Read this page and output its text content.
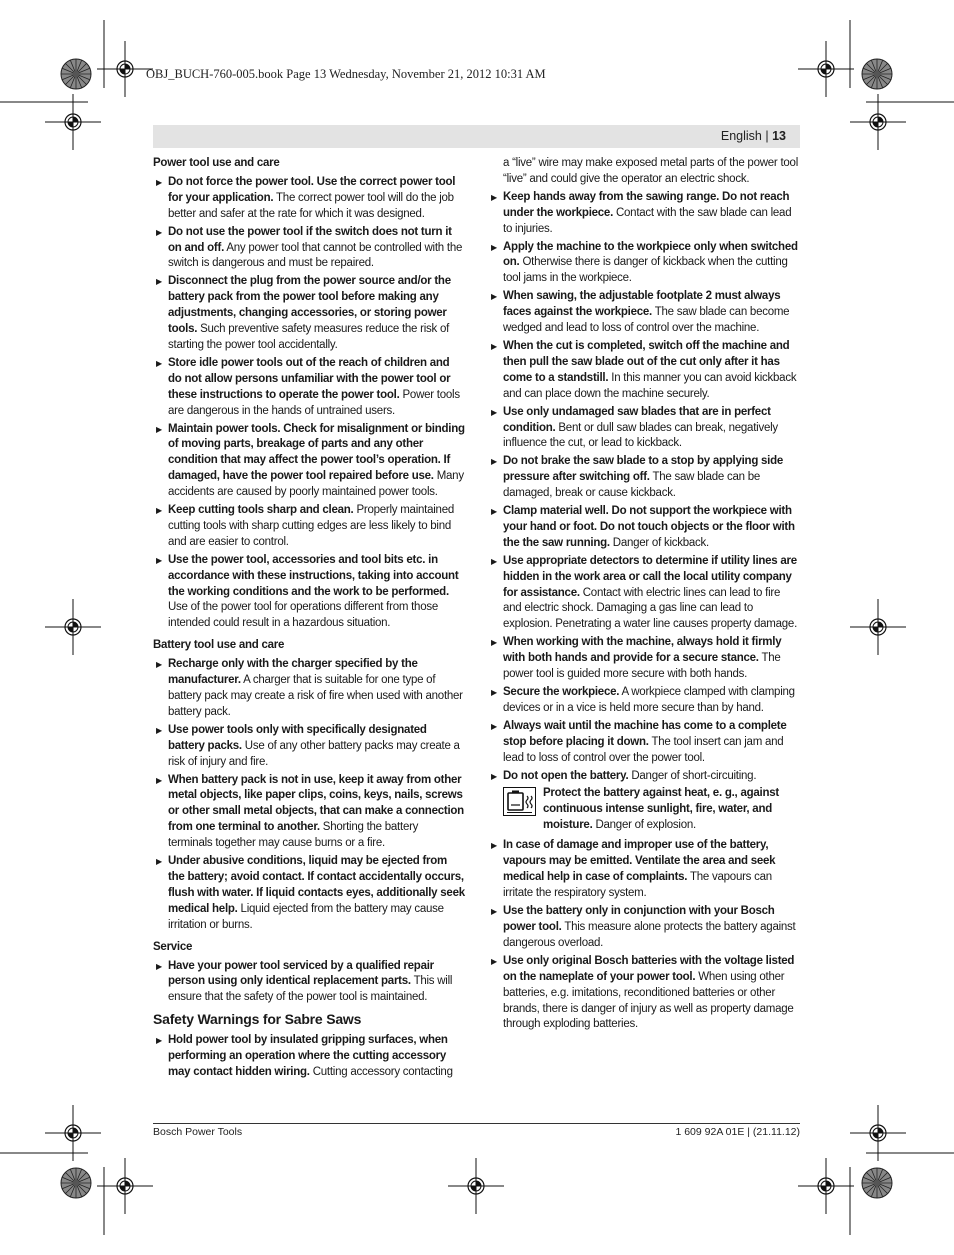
OBJ_BUCH-760-005.book Page 13 Wednesday, November 21, 2012 10:31 AM
English | 13
Power tool use and care
▶ Do not force the power tool. Use the correct power tool for your application. The correct power tool will do the job better and safer at the rate for which it was designed.
▶ Do not use the power tool if the switch does not turn it on and off. Any power tool that cannot be controlled with the switch is dangerous and must be repaired.
▶ Disconnect the plug from the power source and/or the battery pack from the power tool before making any adjustments, changing accessories, or storing power tools. Such preventive safety measures reduce the risk of starting the power tool accidentally.
▶ Store idle power tools out of the reach of children and do not allow persons unfamiliar with the power tool or these instructions to operate the power tool. Power tools are dangerous in the hands of untrained users.
▶ Maintain power tools. Check for misalignment or binding of moving parts, breakage of parts and any other condition that may affect the power tool’s operation. If damaged, have the power tool repaired before use. Many accidents are caused by poorly maintained power tools.
▶ Keep cutting tools sharp and clean. Properly maintained cutting tools with sharp cutting edges are less likely to bind and are easier to control.
▶ Use the power tool, accessories and tool bits etc. in accordance with these instructions, taking into account the working conditions and the work to be performed. Use of the power tool for operations different from those intended could result in a hazardous situation.
Battery tool use and care
▶ Recharge only with the charger specified by the manufacturer. A charger that is suitable for one type of battery pack may create a risk of fire when used with another battery pack.
▶ Use power tools only with specifically designated battery packs. Use of any other battery packs may create a risk of injury and fire.
▶ When battery pack is not in use, keep it away from other metal objects, like paper clips, coins, keys, nails, screws or other small metal objects, that can make a connection from one terminal to another. Shorting the battery terminals together may cause burns or a fire.
▶ Under abusive conditions, liquid may be ejected from the battery; avoid contact. If contact accidentally occurs, flush with water. If liquid contacts eyes, additionally seek medical help. Liquid ejected from the battery may cause irritation or burns.
Service
▶ Have your power tool serviced by a qualified repair person using only identical replacement parts. This will ensure that the safety of the power tool is maintained.
Safety Warnings for Sabre Saws
▶ Hold power tool by insulated gripping surfaces, when performing an operation where the cutting accessory may contact hidden wiring. Cutting accessory contacting
a “live” wire may make exposed metal parts of the power tool “live” and could give the operator an electric shock.
▶ Keep hands away from the sawing range. Do not reach under the workpiece. Contact with the saw blade can lead to injuries.
▶ Apply the machine to the workpiece only when switched on. Otherwise there is danger of kickback when the cutting tool jams in the workpiece.
▶ When sawing, the adjustable footplate 2 must always faces against the workpiece. The saw blade can become wedged and lead to loss of control over the machine.
▶ When the cut is completed, switch off the machine and then pull the saw blade out of the cut only after it has come to a standstill. In this manner you can avoid kickback and can place down the machine securely.
▶ Use only undamaged saw blades that are in perfect condition. Bent or dull saw blades can break, negatively influence the cut, or lead to kickback.
▶ Do not brake the saw blade to a stop by applying side pressure after switching off. The saw blade can be damaged, break or cause kickback.
▶ Clamp material well. Do not support the workpiece with your hand or foot. Do not touch objects or the floor with the the saw running. Danger of kickback.
▶ Use appropriate detectors to determine if utility lines are hidden in the work area or call the local utility company for assistance. Contact with electric lines can lead to fire and electric shock. Damaging a gas line can lead to explosion. Penetrating a water line causes property damage.
▶ When working with the machine, always hold it firmly with both hands and provide for a secure stance. The power tool is guided more secure with both hands.
▶ Secure the workpiece. A workpiece clamped with clamping devices or in a vice is held more secure than by hand.
▶ Always wait until the machine has come to a complete stop before placing it down. The tool insert can jam and lead to loss of control over the power tool.
▶ Do not open the battery. Danger of short-circuiting.
Protect the battery against heat, e. g., against continuous intense sunlight, fire, water, and moisture. Danger of explosion.
▶ In case of damage and improper use of the battery, vapours may be emitted. Ventilate the area and seek medical help in case of complaints. The vapours can irritate the respiratory system.
▶ Use the battery only in conjunction with your Bosch power tool. This measure alone protects the battery against dangerous overload.
▶ Use only original Bosch batteries with the voltage listed on the nameplate of your power tool. When using other batteries, e.g. imitations, reconditioned batteries or other brands, there is danger of injury as well as property damage through exploding batteries.
Bosch Power Tools	1 609 92A 01E | (21.11.12)
